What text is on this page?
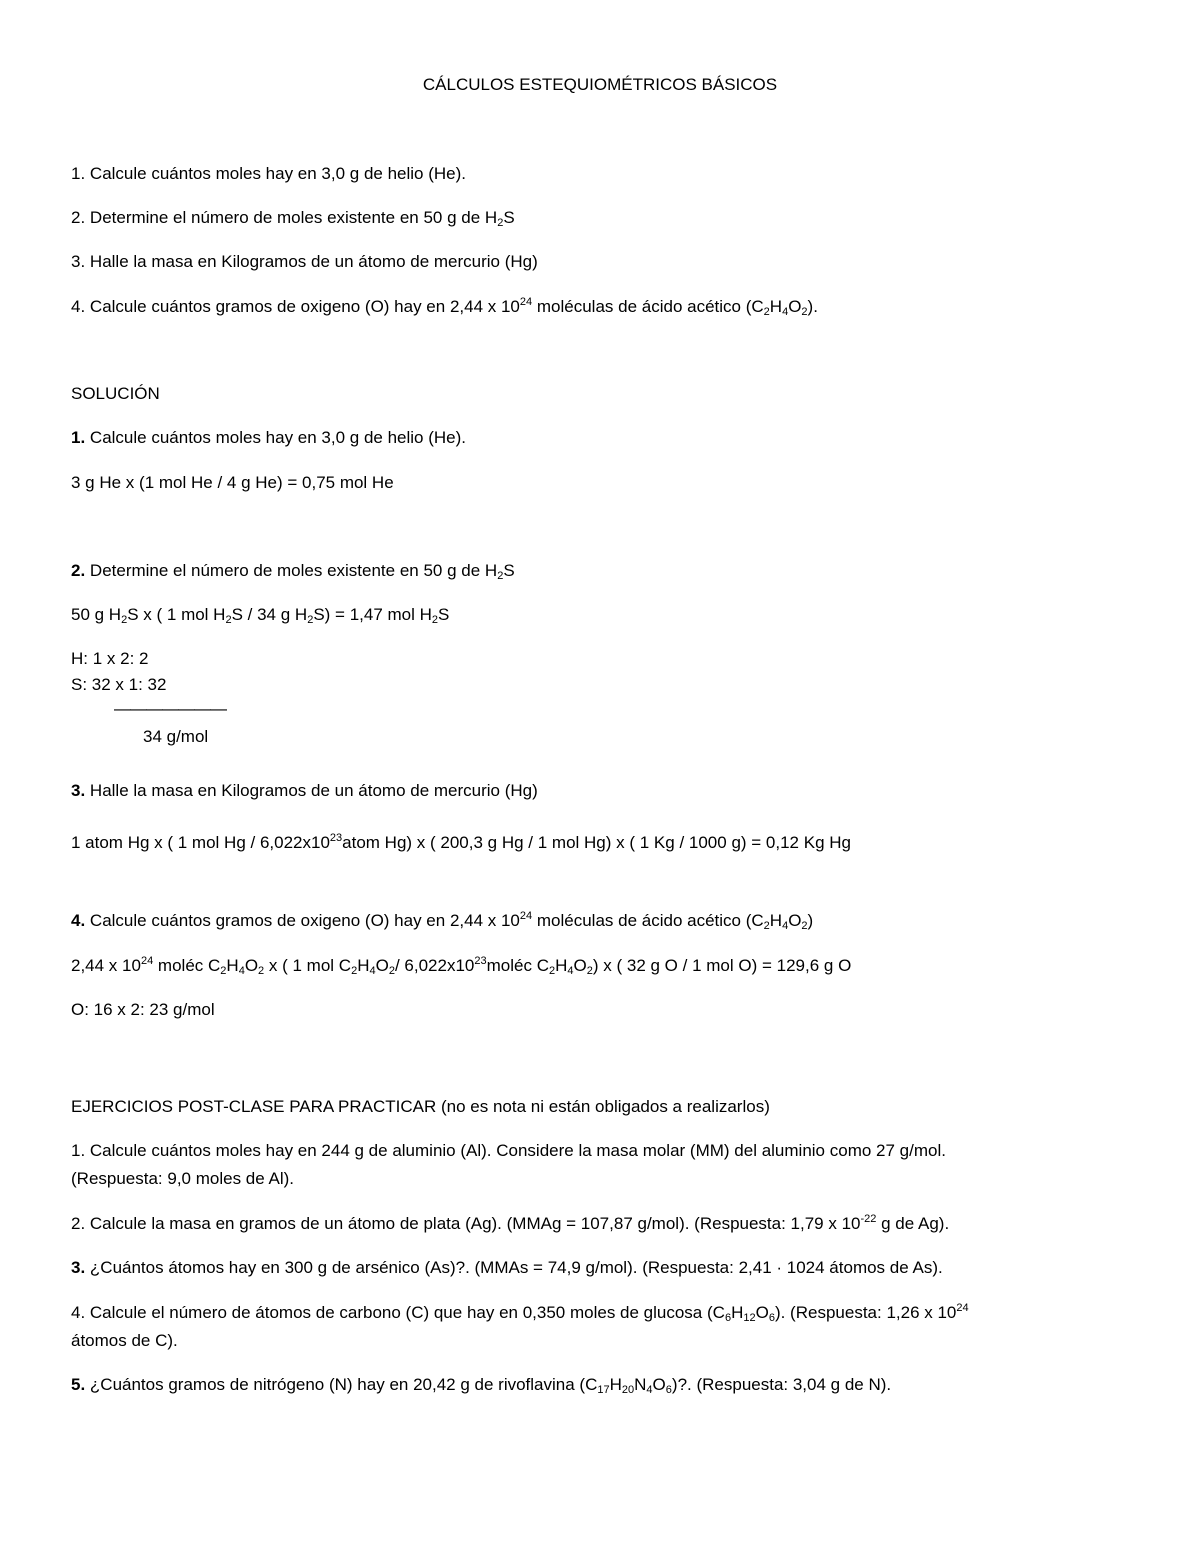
CÁLCULOS ESTEQUIOMÉTRICOS BÁSICOS
1. Calcule cuántos moles hay en 3,0 g de helio (He).
2. Determine el número de moles existente en 50 g de $H_2S$
3. Halle la masa en Kilogramos de un átomo de mercurio (Hg)
4. Calcule cuántos gramos de oxigeno (O) hay en 2,44 x $10^{24}$ moléculas de ácido acético $(C_2H_4O_2)$.
SOLUCIÓN
1. Calcule cuántos moles hay en 3,0 g de helio (He).
3 g He x (1 mol He / 4 g He) = 0,75 mol He
2. Determine el número de moles existente en 50 g de $H_2S$
50 g $H_2S$ x ( 1 mol $H_2S / 34$ g $H_2S) = 1,47$ mol $H_2S$
H: 1 x 2: 2
S: 32 x 1: 32
———————
34 g/mol
3. Halle la masa en Kilogramos de un átomo de mercurio (Hg)
1 atom Hg x ( 1 mol Hg / $6,022x10^{23}atom$ Hg) x ( 200,3 g Hg / 1 mol Hg) x ( 1 Kg / 1000 g) = 0,12 Kg Hg
4. Calcule cuántos gramos de oxigeno (O) hay en 2,44 x $10^{24}$ moléculas de ácido acético $(C_2H_4O_2)$
2,44 x $10^{24}$ moléc $C_2H_4O_2$ x ( 1 mol $C_2H_4O_2/$ $6,022x10^{23}moléc$ $C_2H_4O_2$) x ( 32 g O / 1 mol O) = 129,6 g O
O: 16 x 2: 23 g/mol
EJERCICIOS POST-CLASE PARA PRACTICAR (no es nota ni están obligados a realizarlos)
1. Calcule cuántos moles hay en 244 g de aluminio (Al). Considere la masa molar (MM) del aluminio como 27 g/mol.
(Respuesta: 9,0 moles de Al).
2. Calcule la masa en gramos de un átomo de plata (Ag). (MMAg = 107,87 g/mol). (Respuesta: 1,79 x $10^{-22}$ g de Ag).
3. ¿Cuántos átomos hay en 300 g de arsénico (As)?. (MMAs = 74,9 g/mol). (Respuesta: 2,41 · 1024 átomos de As).
4. Calcule el número de átomos de carbono (C) que hay en 0,350 moles de glucosa $(C_6H_{12}O_6)$. (Respuesta: 1,26 x $10^{24}$
átomos de C).
5. ¿Cuántos gramos de nitrógeno (N) hay en 20,42 g de rivoflavina $(C_{17}H_{20}N_4O_6)$?. (Respuesta: 3,04 g de N).
